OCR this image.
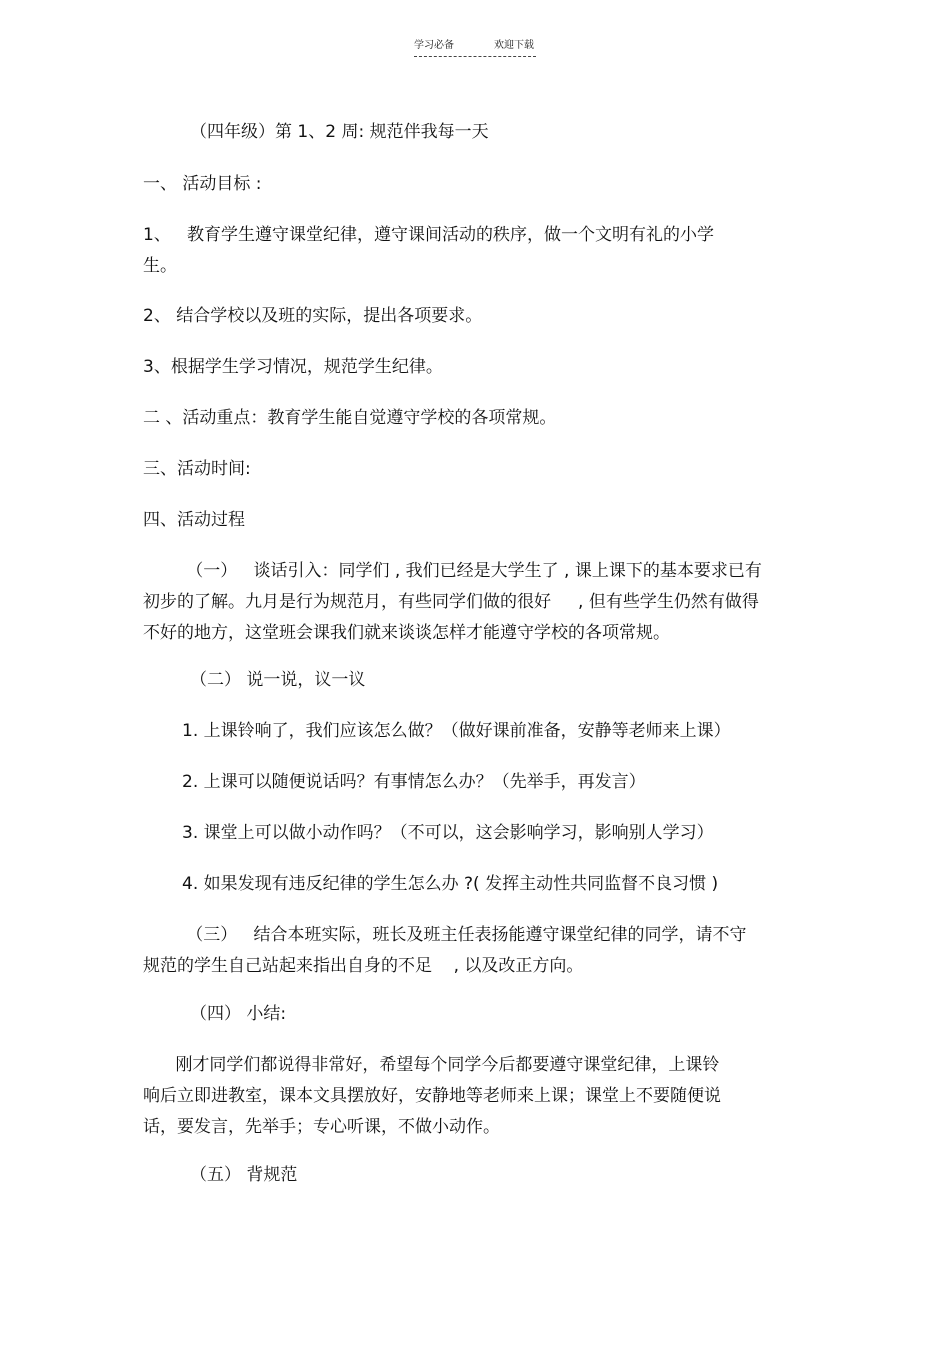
学习必备	欢迎下载

（四年级）第 1、2 周: 规范伴我每一天

一、 活动目标 :

1、   教育学生遵守课堂纪律，遵守课间活动的秩序，做一个文明有礼的小学
生。

2、 结合学校以及班的实际，提出各项要求。

3、根据学生学习情况，规范学生纪律。

二 、活动重点：教育学生能自觉遵守学校的各项常规。

三、活动时间:

四、活动过程

（一）   谈话引入：同学们 , 我们已经是大学生了 , 课上课下的基本要求已有
初步的了解。九月是行为规范月，有些同学们做的很好     , 但有些学生仍然有做得
不好的地方，这堂班会课我们就来谈谈怎样才能遵守学校的各项常规。

（二） 说一说，议一议

1. 上课铃响了，我们应该怎么做？（做好课前准备，安静等老师来上课）

2. 上课可以随便说话吗？有事情怎么办？（先举手，再发言）

3. 课堂上可以做小动作吗？（不可以，这会影响学习，影响别人学习）

4. 如果发现有违反纪律的学生怎么办 ?( 发挥主动性共同监督不良习惯 )

（三）   结合本班实际，班长及班主任表扬能遵守课堂纪律的同学，请不守
规范的学生自己站起来指出自身的不足    , 以及改正方向。

（四） 小结:

刚才同学们都说得非常好，希望每个同学今后都要遵守课堂纪律，上课铃
响后立即进教室，课本文具摆放好，安静地等老师来上课；课堂上不要随便说
话，要发言，先举手；专心听课，不做小动作。

（五） 背规范
